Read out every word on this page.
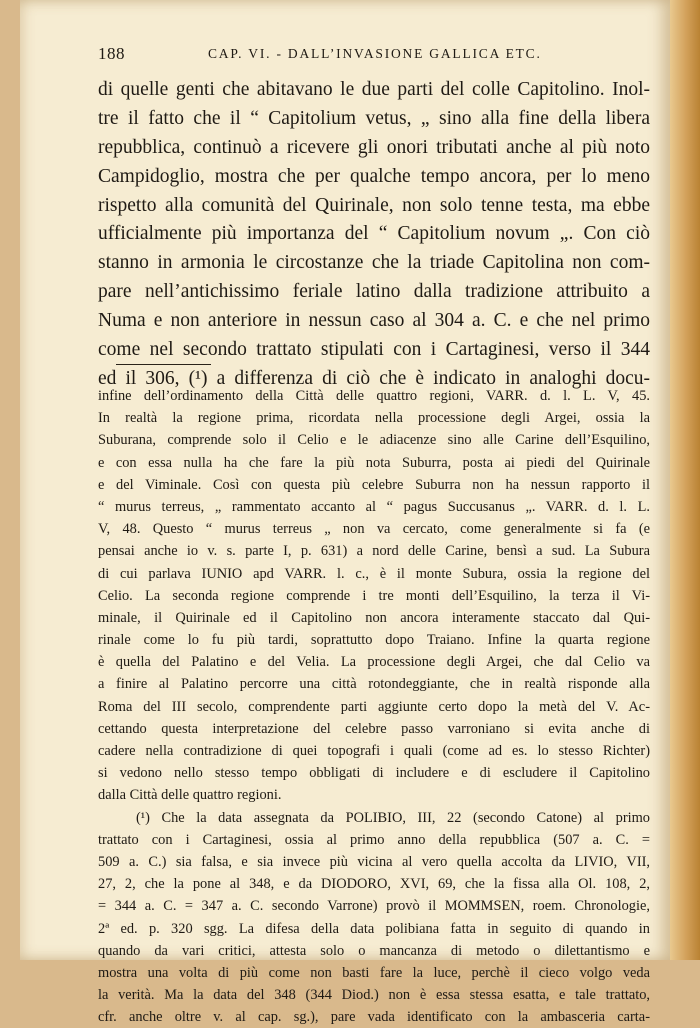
188	CAP. VI. - DALL’INVASIONE GALLICA ETC.
di quelle genti che abitavano le due parti del colle Capitolino. Inol-
tre il fatto che il “ Capitolium vetus, „ sino alla fine della libera
repubblica, continuò a ricevere gli onori tributati anche al più noto
Campidoglio, mostra che per qualche tempo ancora, per lo meno
rispetto alla comunità del Quirinale, non solo tenne testa, ma ebbe
ufficialmente più importanza del “ Capitolium novum „. Con ciò
stanno in armonia le circostanze che la triade Capitolina non com-
pare nell’antichissimo feriale latino dalla tradizione attribuito a
Numa e non anteriore in nessun caso al 304 a. C. e che nel primo
come nel secondo trattato stipulati con i Cartaginesi, verso il 344
ed il 306, (¹) a differenza di ciò che è indicato in analoghi docu-
infine dell’ordinamento della Città delle quattro regioni, VARR. d. l. L. V, 45.
In realtà la regione prima, ricordata nella processione degli Argei, ossia la
Suburana, comprende solo il Celio e le adiacenze sino alle Carine dell’Esquilino,
e con essa nulla ha che fare la più nota Suburra, posta ai piedi del Quirinale
e del Viminale. Così con questa più celebre Suburra non ha nessun rapporto il
“ murus terreus, „ rammentato accanto al “ pagus Succusanus „. VARR. d. l. L.
V, 48. Questo “ murus terreus „ non va cercato, come generalmente si fa (e
pensai anche io v. s. parte I, p. 631) a nord delle Carine, bensì a sud. La Subura
di cui parlava IUNIO apd VARR. l. c., è il monte Subura, ossia la regione del
Celio. La seconda regione comprende i tre monti dell’Esquilino, la terza il Vi-
minale, il Quirinale ed il Capitolino non ancora interamente staccato dal Qui-
rinale come lo fu più tardi, soprattutto dopo Traiano. Infine la quarta regione
è quella del Palatino e del Velia. La processione degli Argei, che dal Celio va
a finire al Palatino percorre una città rotondeggiante, che in realtà risponde alla
Roma del III secolo, comprendente parti aggiunte certo dopo la metà del V. Ac-
cettando questa interpretazione del celebre passo varroniano si evita anche di
cadere nella contradizione di quei topografi i quali (come ad es. lo stesso Richter)
si vedono nello stesso tempo obbligati di includere e di escludere il Capitolino
dalla Città delle quattro regioni.
(¹) Che la data assegnata da POLIBIO, III, 22 (secondo Catone) al primo
trattato con i Cartaginesi, ossia al primo anno della repubblica (507 a. C. =
509 a. C.) sia falsa, e sia invece più vicina al vero quella accolta da LIVIO, VII,
27, 2, che la pone al 348, e da DIODORO, XVI, 69, che la fissa alla Ol. 108, 2,
= 344 a. C. = 347 a. C. secondo Varrone) provò il MOMMSEN, roem. Chronologie,
2ª ed. p. 320 sgg. La difesa della data polibiana fatta in seguito di quando in
quando da vari critici, attesta solo o mancanza di metodo o dilettantismo e
mostra una volta di più come non basti fare la luce, perchè il cieco volgo veda
la verità. Ma la data del 348 (344 Diod.) non è essa stessa esatta, e tale trattato,
cfr. anche oltre v. al cap. sg.), pare vada identificato con la ambasceria carta-
